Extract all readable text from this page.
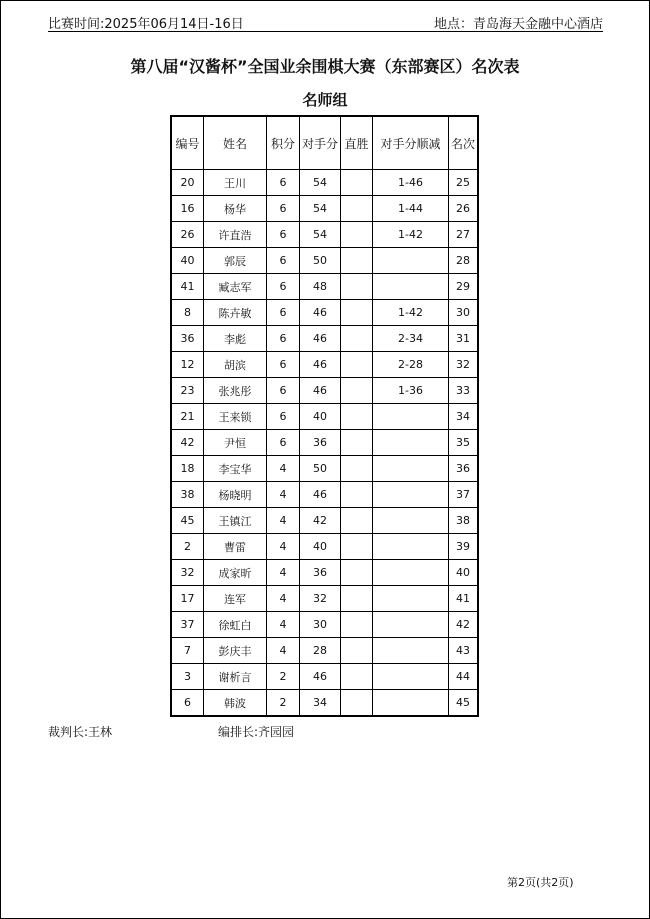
比赛时间:2025年06月14日-16日	地点：青岛海天金融中心酒店
第八届“汉酱杯”全国业余围棋大赛（东部赛区）名次表
名师组
编号	姓名	积分	对手分	直胜	对手分顺减	名次
20	王川	6	54		1-46	25
16	杨华	6	54		1-44	26
26	许直浩	6	54		1-42	27
40	郭辰	6	50			28
41	臧志军	6	48			29
8	陈卉敏	6	46		1-42	30
36	李彪	6	46		2-34	31
12	胡滨	6	46		2-28	32
23	张兆彤	6	46		1-36	33
21	王来锁	6	40			34
42	尹恒	6	36			35
18	李宝华	4	50			36
38	杨晓明	4	46			37
45	王镇江	4	42			38
2	曹雷	4	40			39
32	成家昕	4	36			40
17	连军	4	32			41
37	徐虹白	4	30			42
7	彭庆丰	4	28			43
3	谢析言	2	46			44
6	韩波	2	34			45
裁判长:王林	编排长:齐园园
第2页(共2页)
